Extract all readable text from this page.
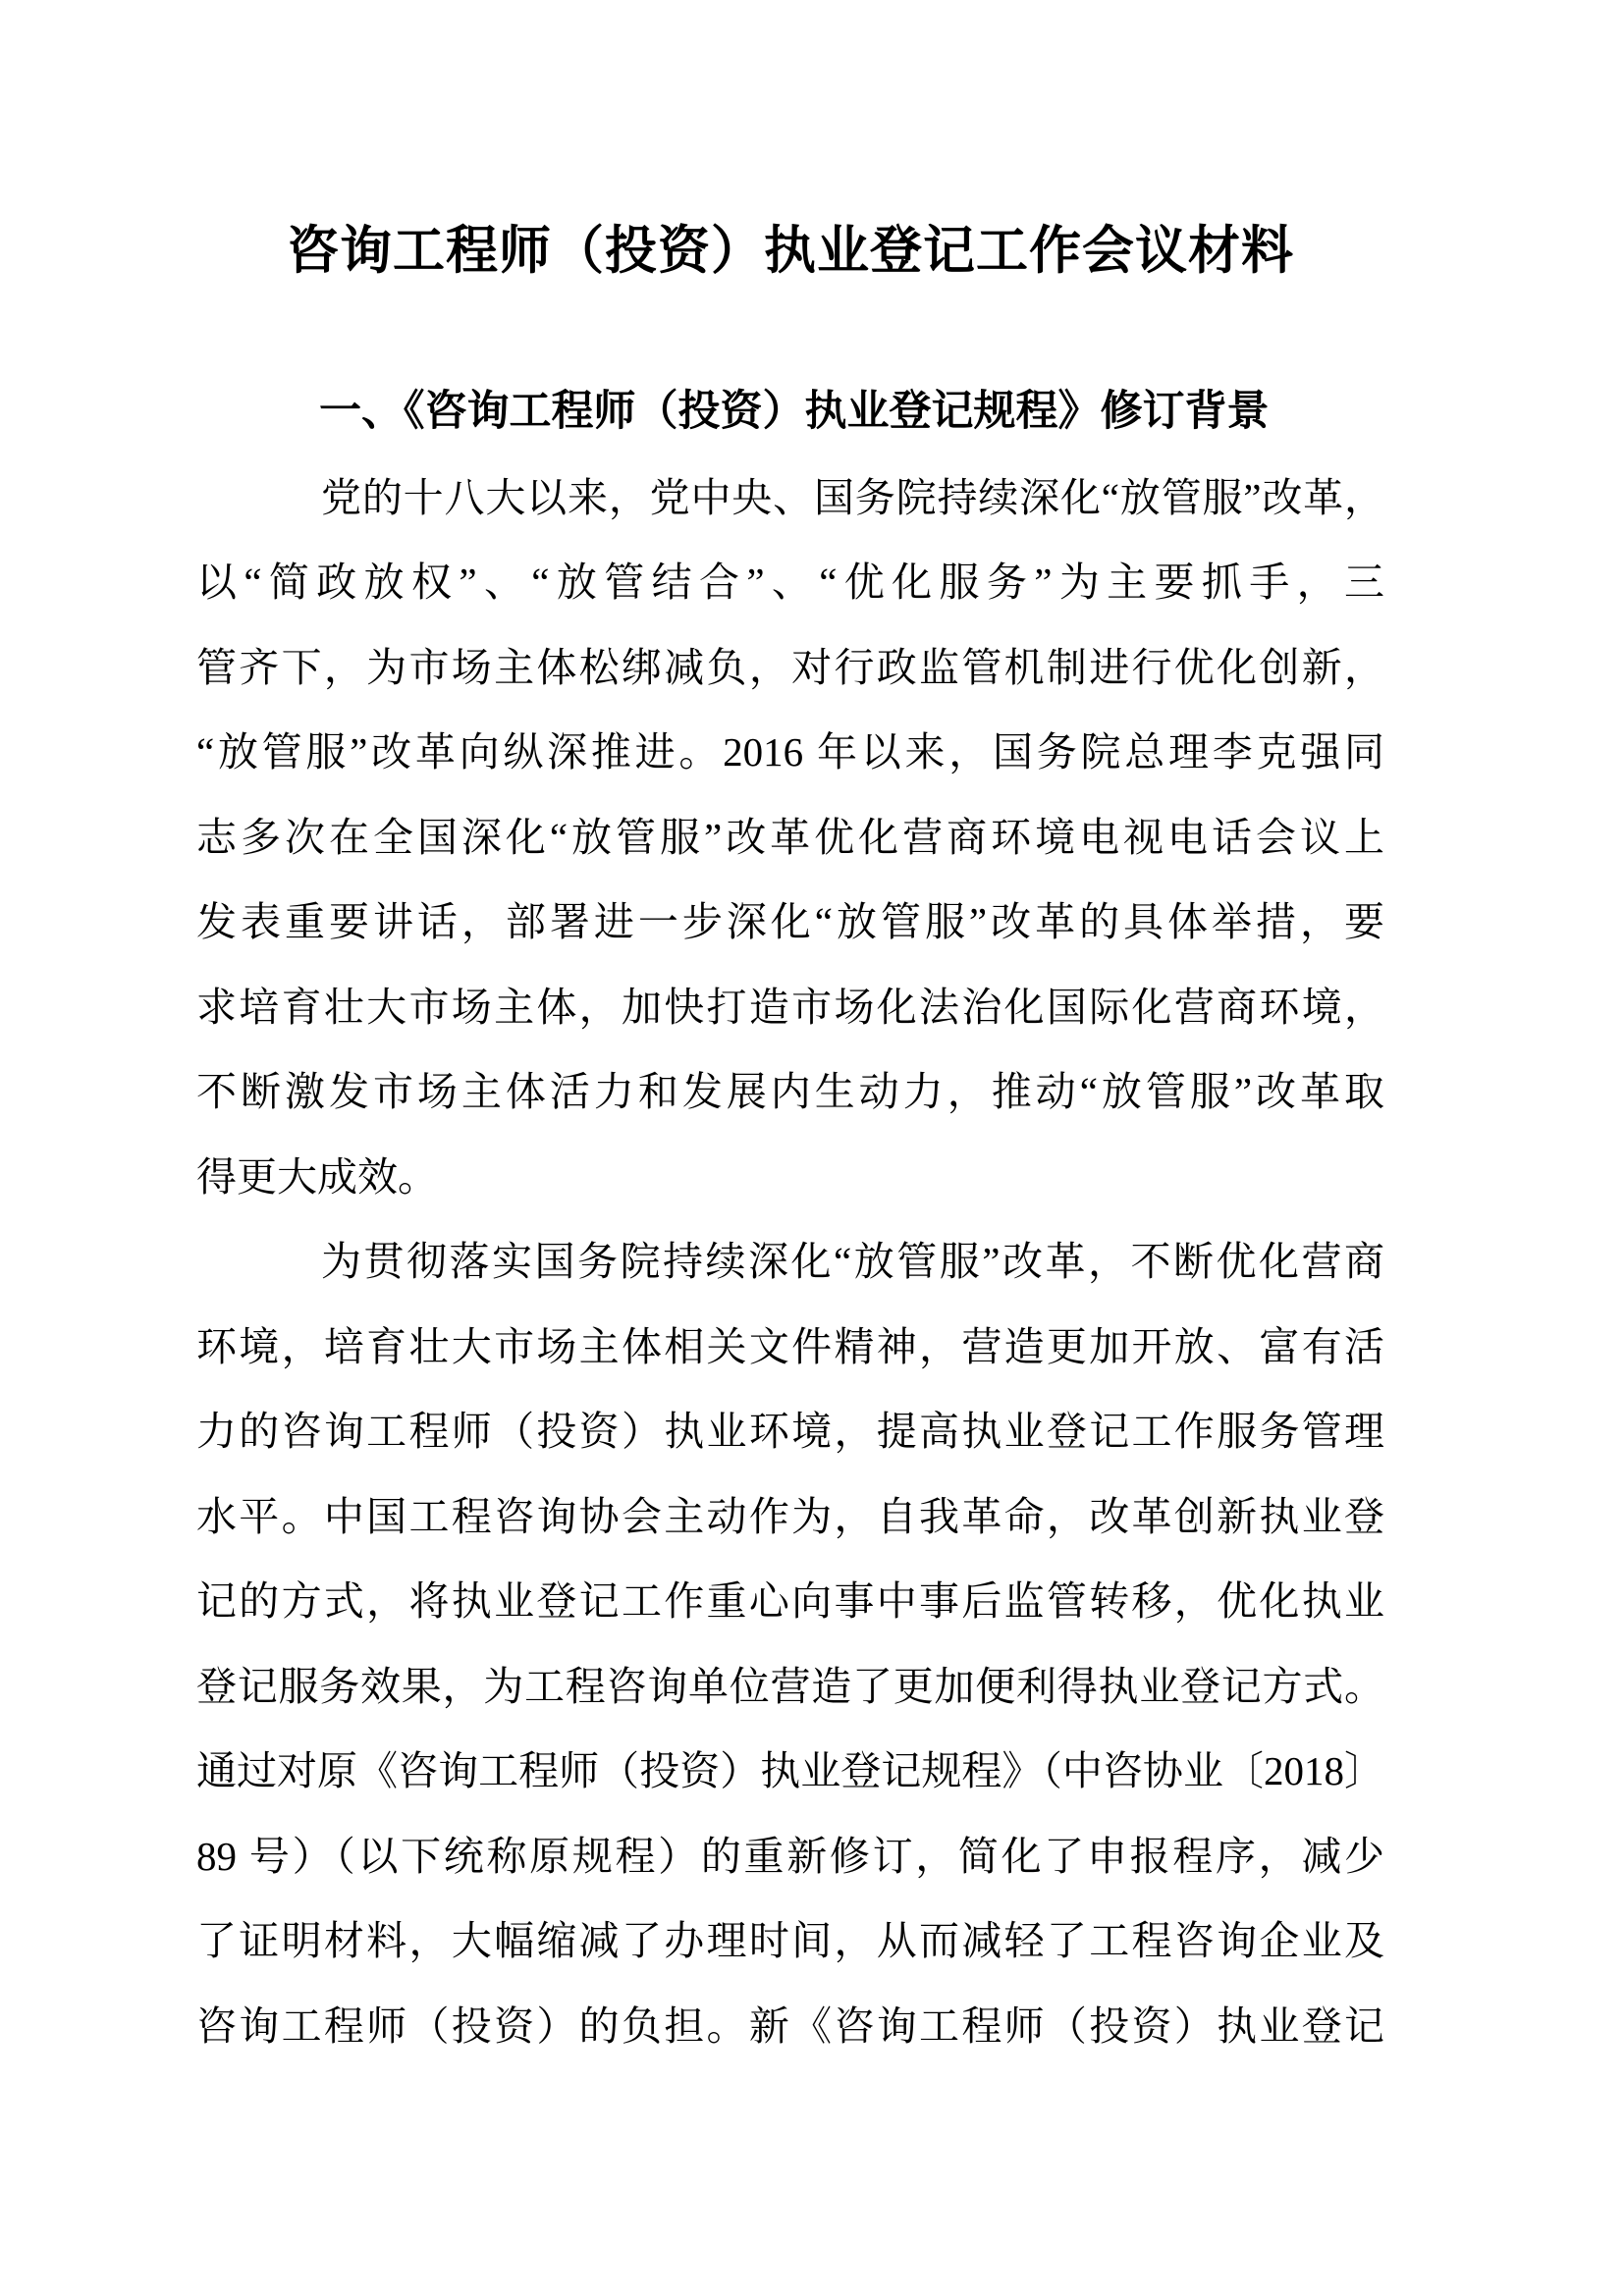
咨询工程师（投资）执业登记工作会议材料
一、《咨询工程师（投资）执业登记规程》修订背景
党的十八大以来，党中央、国务院持续深化“放管服”改革，
以“简政放权”、“放管结合”、“优化服务”为主要抓手，三
管齐下，为市场主体松绑减负，对行政监管机制进行优化创新，
“放管服”改革向纵深推进。2016 年以来，国务院总理李克强同
志多次在全国深化“放管服”改革优化营商环境电视电话会议上
发表重要讲话，部署进一步深化“放管服”改革的具体举措，要
求培育壮大市场主体，加快打造市场化法治化国际化营商环境，
不断激发市场主体活力和发展内生动力，推动“放管服”改革取
得更大成效。
为贯彻落实国务院持续深化“放管服”改革，不断优化营商
环境，培育壮大市场主体相关文件精神，营造更加开放、富有活
力的咨询工程师（投资）执业环境，提高执业登记工作服务管理
水平。中国工程咨询协会主动作为，自我革命，改革创新执业登
记的方式，将执业登记工作重心向事中事后监管转移，优化执业
登记服务效果，为工程咨询单位营造了更加便利得执业登记方式。
通过对原《咨询工程师（投资）执业登记规程》（中咨协业〔2018〕
89 号）（以下统称原规程）的重新修订，简化了申报程序，减少
了证明材料，大幅缩减了办理时间，从而减轻了工程咨询企业及
咨询工程师（投资）的负担。新《咨询工程师（投资）执业登记
